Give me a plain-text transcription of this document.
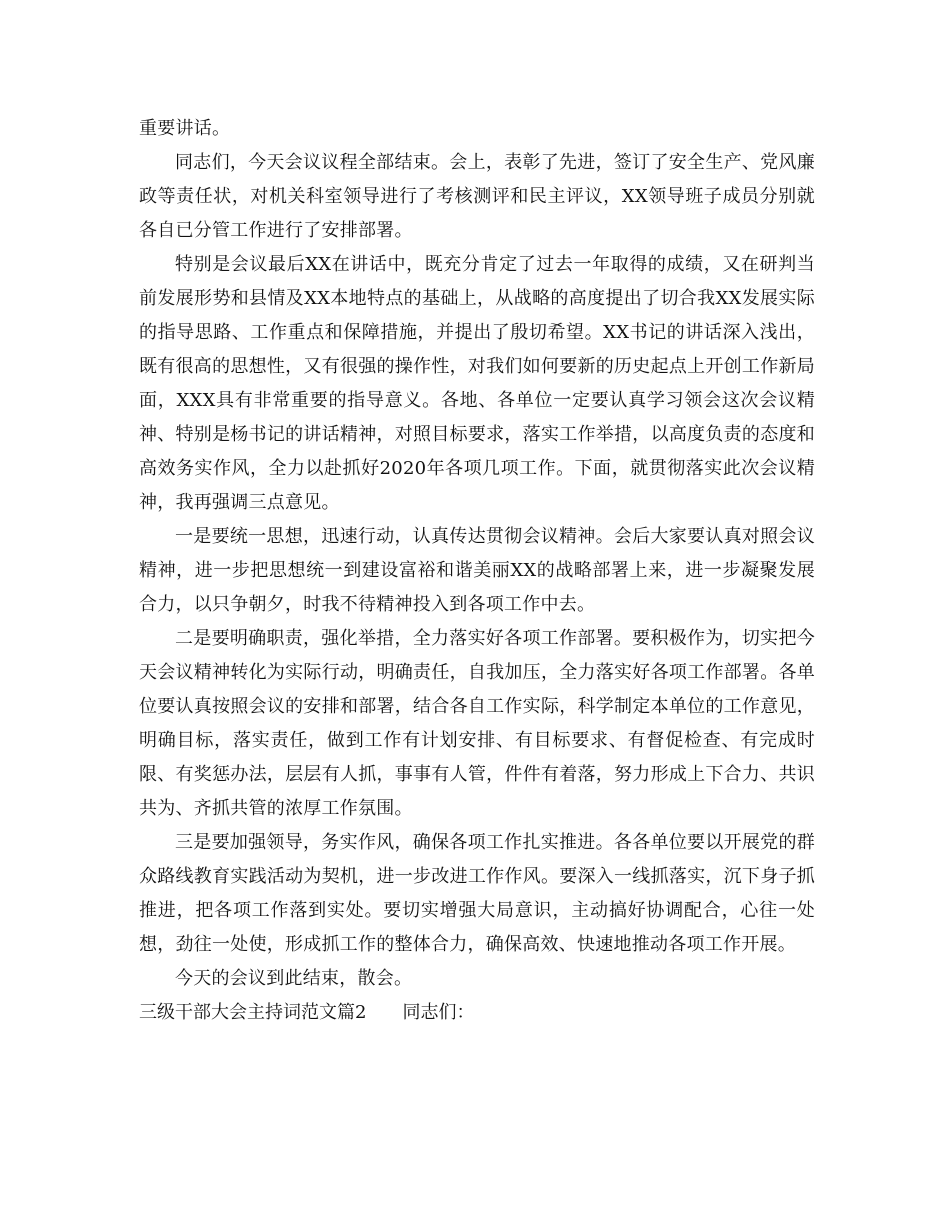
重要讲话。

同志们，今天会议议程全部结束。会上，表彰了先进，签订了安全生产、党风廉政等责任状，对机关科室领导进行了考核测评和民主评议，XX领导班子成员分别就各自已分管工作进行了安排部署。

特别是会议最后XX在讲话中，既充分肯定了过去一年取得的成绩，又在研判当前发展形势和县情及XX本地特点的基础上，从战略的高度提出了切合我XX发展实际的指导思路、工作重点和保障措施，并提出了殷切希望。XX书记的讲话深入浅出，既有很高的思想性，又有很强的操作性，对我们如何要新的历史起点上开创工作新局面，XXX具有非常重要的指导意义。各地、各单位一定要认真学习领会这次会议精神、特别是杨书记的讲话精神，对照目标要求，落实工作举措，以高度负责的态度和高效务实作风，全力以赴抓好2020年各项几项工作。下面，就贯彻落实此次会议精神，我再强调三点意见。

一是要统一思想，迅速行动，认真传达贯彻会议精神。会后大家要认真对照会议精神，进一步把思想统一到建设富裕和谐美丽XX的战略部署上来，进一步凝聚发展合力，以只争朝夕，时我不待精神投入到各项工作中去。

二是要明确职责，强化举措，全力落实好各项工作部署。要积极作为，切实把今天会议精神转化为实际行动，明确责任，自我加压，全力落实好各项工作部署。各单位要认真按照会议的安排和部署，结合各自工作实际，科学制定本单位的工作意见，明确目标，落实责任，做到工作有计划安排、有目标要求、有督促检查、有完成时限、有奖惩办法，层层有人抓，事事有人管，件件有着落，努力形成上下合力、共识共为、齐抓共管的浓厚工作氛围。

三是要加强领导，务实作风，确保各项工作扎实推进。各各单位要以开展党的群众路线教育实践活动为契机，进一步改进工作作风。要深入一线抓落实，沉下身子抓推进，把各项工作落到实处。要切实增强大局意识，主动搞好协调配合，心往一处想，劲往一处使，形成抓工作的整体合力，确保高效、快速地推动各项工作开展。

今天的会议到此结束，散会。

三级干部大会主持词范文篇2 同志们：
